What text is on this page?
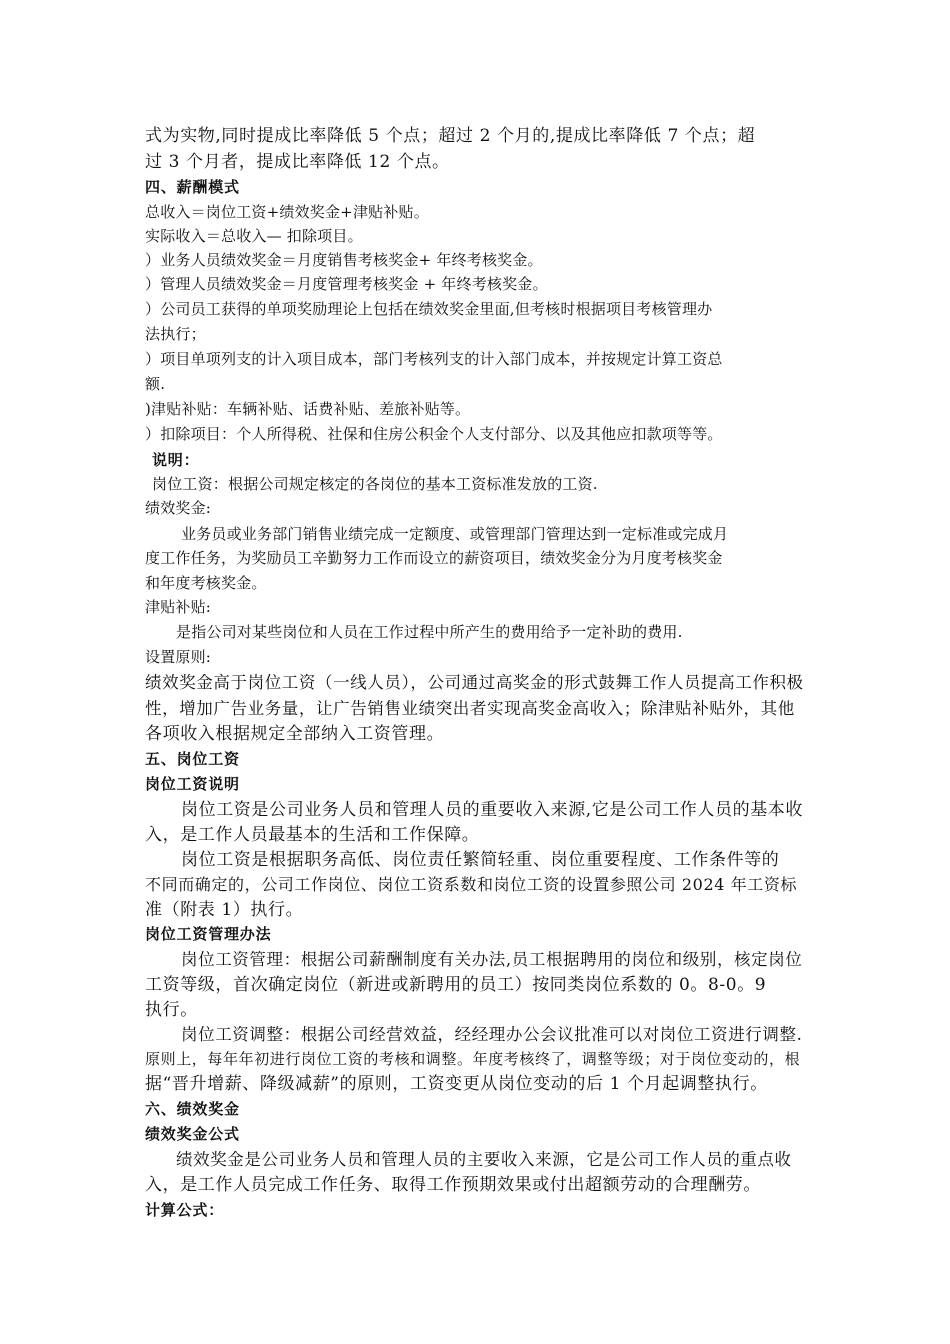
式为实物,同时提成比率降低 5 个点；超过 2 个月的,提成比率降低 7 个点；超
过 3 个月者，提成比率降低 12 个点。
四、薪酬模式
总收入＝岗位工资+绩效奖金+津贴补贴。
实际收入＝总收入— 扣除项目。
）业务人员绩效奖金＝月度销售考核奖金+ 年终考核奖金。
）管理人员绩效奖金＝月度管理考核奖金 + 年终考核奖金。
）公司员工获得的单项奖励理论上包括在绩效奖金里面,但考核时根据项目考核管理办
法执行；
）项目单项列支的计入项目成本，部门考核列支的计入部门成本，并按规定计算工资总
额.
)津贴补贴：车辆补贴、话费补贴、差旅补贴等。
）扣除项目：个人所得税、社保和住房公积金个人支付部分、以及其他应扣款项等等。
说明：
岗位工资：根据公司规定核定的各岗位的基本工资标准发放的工资.
绩效奖金:
业务员或业务部门销售业绩完成一定额度、或管理部门管理达到一定标准或完成月
度工作任务，为奖励员工辛勤努力工作而设立的薪资项目，绩效奖金分为月度考核奖金
和年度考核奖金。
津贴补贴:
是指公司对某些岗位和人员在工作过程中所产生的费用给予一定补助的费用.
设置原则:
绩效奖金高于岗位工资（一线人员），公司通过高奖金的形式鼓舞工作人员提高工作积极
性，增加广告业务量，让广告销售业绩突出者实现高奖金高收入；除津贴补贴外，其他
各项收入根据规定全部纳入工资管理。
五、岗位工资
岗位工资说明
岗位工资是公司业务人员和管理人员的重要收入来源,它是公司工作人员的基本收
入，是工作人员最基本的生活和工作保障。
岗位工资是根据职务高低、岗位责任繁简轻重、岗位重要程度、工作条件等的
不同而确定的，公司工作岗位、岗位工资系数和岗位工资的设置参照公司 2024 年工资标
准（附表 1）执行。
岗位工资管理办法
岗位工资管理：根据公司薪酬制度有关办法,员工根据聘用的岗位和级别，核定岗位
工资等级，首次确定岗位（新进或新聘用的员工）按同类岗位系数的 0。8-0。9
执行。
岗位工资调整：根据公司经营效益，经经理办公会议批准可以对岗位工资进行调整.
原则上，每年年初进行岗位工资的考核和调整。年度考核终了，调整等级；对于岗位变动的，根
据“晋升增薪、降级减薪”的原则，工资变更从岗位变动的后 1 个月起调整执行。
六、绩效奖金
绩效奖金公式
绩效奖金是公司业务人员和管理人员的主要收入来源，它是公司工作人员的重点收
入，是工作人员完成工作任务、取得工作预期效果或付出超额劳动的合理酬劳。
计算公式：
